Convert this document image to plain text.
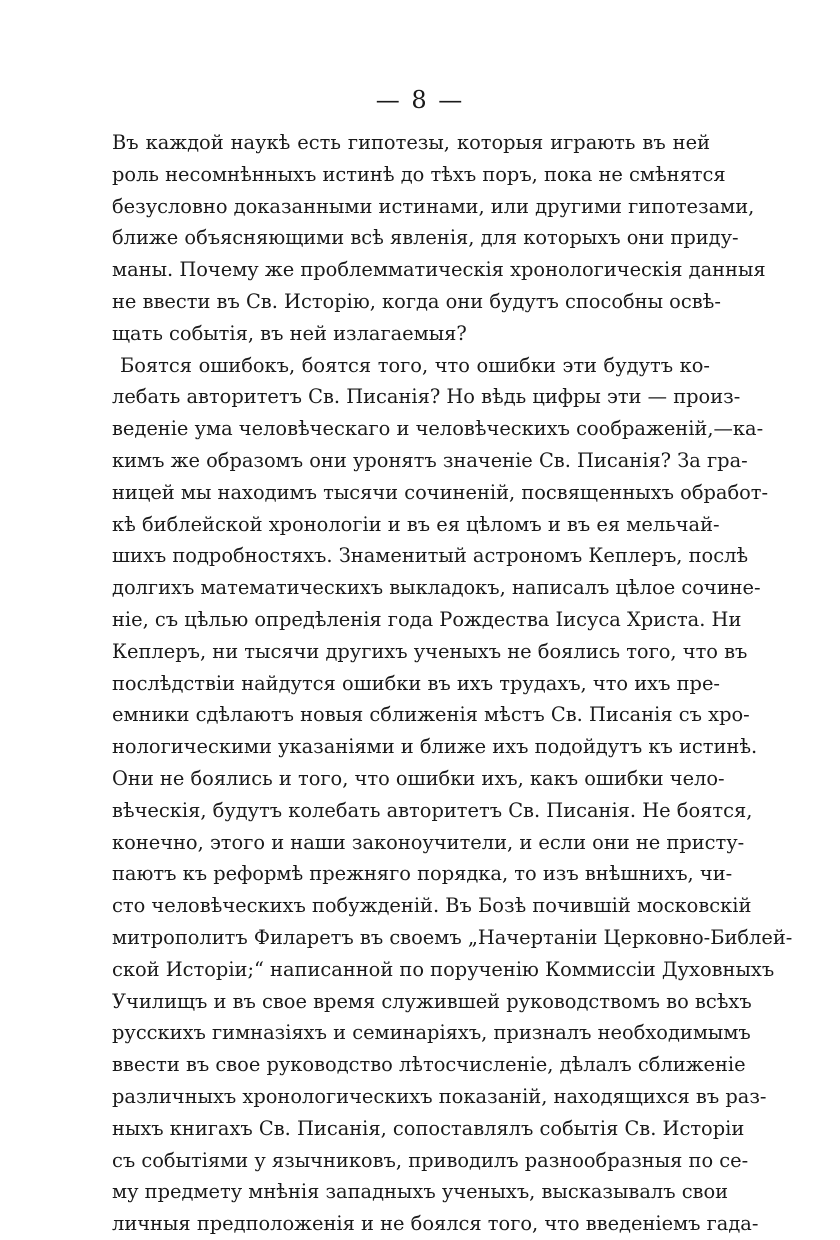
— 8 —
Въ каждой наукѣ есть гипотезы, которыя играють въ ней
роль несомнѣнныхъ истинѣ до тѣхъ поръ, пока не смѣнятся
безусловно доказанными истинами, или другими гипотезами,
ближе объясняющими всѣ явленія, для которыхъ они приду-
маны. Почему же проблемматическія хронологическія данныя
не ввести въ Св. Исторію, когда они будутъ способны освѣ-
щать событія, въ ней излагаемыя?
Боятся ошибокъ, боятся того, что ошибки эти будутъ ко-
лебать авторитетъ Св. Писанія? Но вѣдь цифры эти — произ-
веденіе ума человѣческаго и человѣческихъ соображеній,—ка-
кимъ же образомъ они уронятъ значеніе Св. Писанія? За гра-
ницей мы находимъ тысячи сочиненій, посвященныхъ обработ-
кѣ библейской хронологіи и въ ея цѣломъ и въ ея мельчай-
шихъ подробностяхъ. Знаменитый астрономъ Кеплеръ, послѣ
долгихъ математическихъ выкладокъ, написалъ цѣлое сочине-
ніе, съ цѣлью опредѣленія года Рождества Іисуса Христа. Ни
Кеплеръ, ни тысячи другихъ ученыхъ не боялись того, что въ
послѣдствіи найдутся ошибки въ ихъ трудахъ, что ихъ пре-
емники сдѣлаютъ новыя сближенія мѣстъ Св. Писанія съ хро-
нологическими указаніями и ближе ихъ подойдутъ къ истинѣ.
Они не боялись и того, что ошибки ихъ, какъ ошибки чело-
вѣческія, будутъ колебать авторитетъ Св. Писанія. Не боятся,
конечно, этого и наши законоучители, и если они не присту-
паютъ къ реформѣ прежняго порядка, то изъ внѣшнихъ, чи-
сто человѣческихъ побужденій. Въ Бозѣ почившій московскій
митрополитъ Филаретъ въ своемъ „Начертаніи Церковно-Библей-
ской Исторіи;“ написанной по порученію Коммиссіи Духовныхъ
Училищъ и въ свое время служившей руководствомъ во всѣхъ
русскихъ гимназіяхъ и семинаріяхъ, призналъ необходимымъ
ввести въ свое руководство лѣтосчисленіе, дѣлалъ сближеніе
различныхъ хронологическихъ показаній, находящихся въ раз-
ныхъ книгахъ Св. Писанія, сопоставлялъ событія Св. Исторіи
съ событіями у язычниковъ, приводилъ разнообразныя по се-
му предмету мнѣнія западныхъ ученыхъ, высказывалъ свои
личныя предположенія и не боялся того, что введеніемъ гада-
